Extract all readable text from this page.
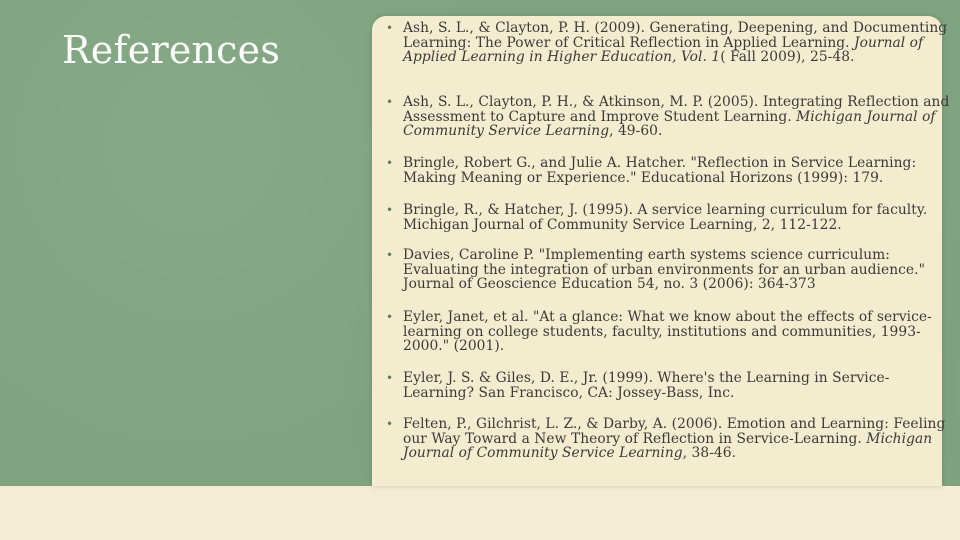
References	• Ash, S. L., & Clayton, P. H. (2009). Generating, Deepening, and Documenting Learning: The Power of Critical Reflection in Applied Learning. Journal of Applied Learning in Higher Education, Vol. 1( Fall 2009), 25-48.
• Ash, S. L., Clayton, P. H., & Atkinson, M. P. (2005). Integrating Reflection and Assessment to Capture and Improve Student Learning. Michigan Journal of Community Service Learning, 49-60.
• Bringle, Robert G., and Julie A. Hatcher. "Reflection in Service Learning: Making Meaning or Experience." Educational Horizons (1999): 179.
• Bringle, R., & Hatcher, J. (1995). A service learning curriculum for faculty. Michigan Journal of Community Service Learning, 2, 112-122.
• Davies, Caroline P. "Implementing earth systems science curriculum: Evaluating the integration of urban environments for an urban audience." Journal of Geoscience Education 54, no. 3 (2006): 364-373
• Eyler, Janet, et al. "At a glance: What we know about the effects of service-learning on college students, faculty, institutions and communities, 1993-2000." (2001).
• Eyler, J. S. & Giles, D. E., Jr. (1999). Where's the Learning in Service-Learning? San Francisco, CA: Jossey-Bass, Inc.
• Felten, P., Gilchrist, L. Z., & Darby, A. (2006). Emotion and Learning: Feeling our Way Toward a New Theory of Reflection in Service-Learning. Michigan Journal of Community Service Learning, 38-46.
